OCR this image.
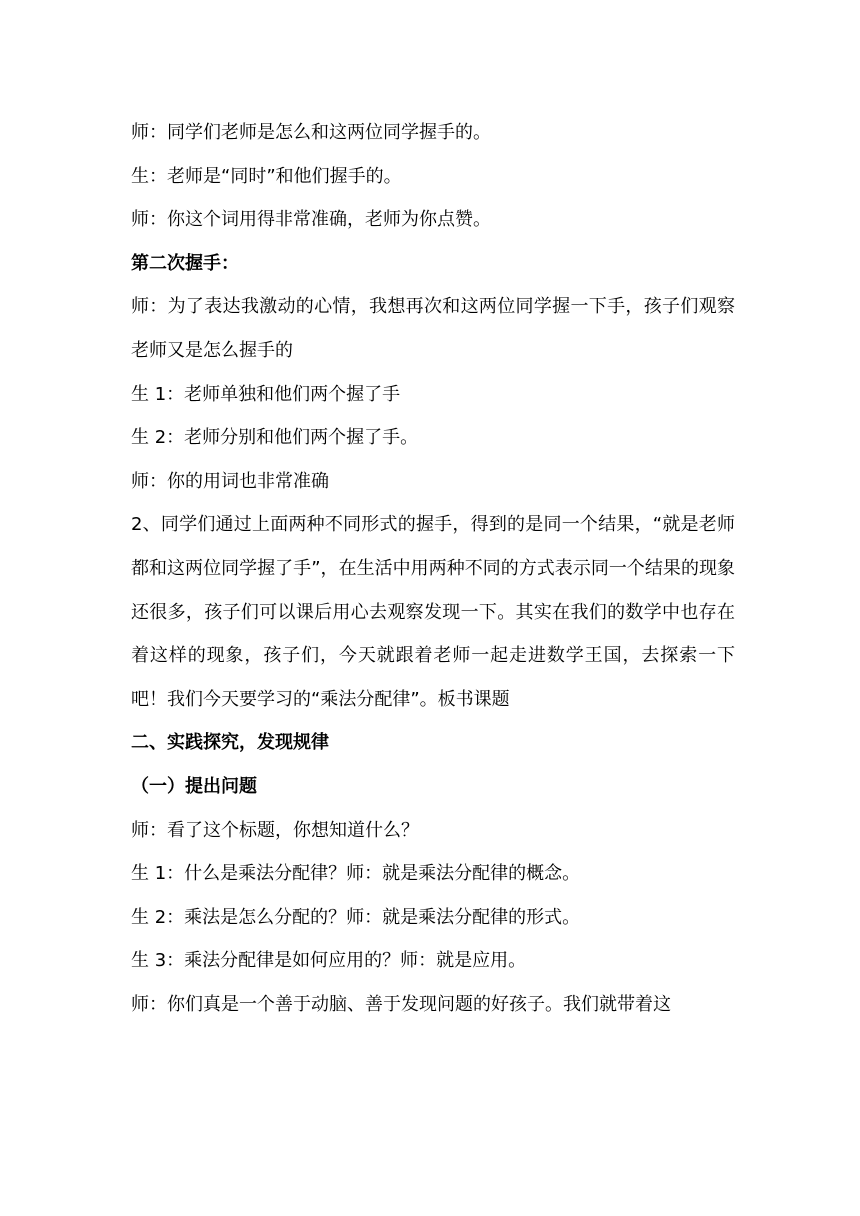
师：同学们老师是怎么和这两位同学握手的。

生：老师是“同时”和他们握手的。

师：你这个词用得非常准确，老师为你点赞。

第二次握手：

师：为了表达我激动的心情，我想再次和这两位同学握一下手，孩子们观察老师又是怎么握手的

生 1：老师单独和他们两个握了手

生 2：老师分别和他们两个握了手。

师：你的用词也非常准确

2、同学们通过上面两种不同形式的握手，得到的是同一个结果，“就是老师都和这两位同学握了手”，在生活中用两种不同的方式表示同一个结果的现象还很多，孩子们可以课后用心去观察发现一下。其实在我们的数学中也存在着这样的现象，孩子们，今天就跟着老师一起走进数学王国，去探索一下吧！我们今天要学习的“乘法分配律”。板书课题

二、实践探究，发现规律

（一）提出问题

师：看了这个标题，你想知道什么？

生 1：什么是乘法分配律？师：就是乘法分配律的概念。

生 2：乘法是怎么分配的？师：就是乘法分配律的形式。

生 3：乘法分配律是如何应用的？师：就是应用。

师：你们真是一个善于动脑、善于发现问题的好孩子。我们就带着这
